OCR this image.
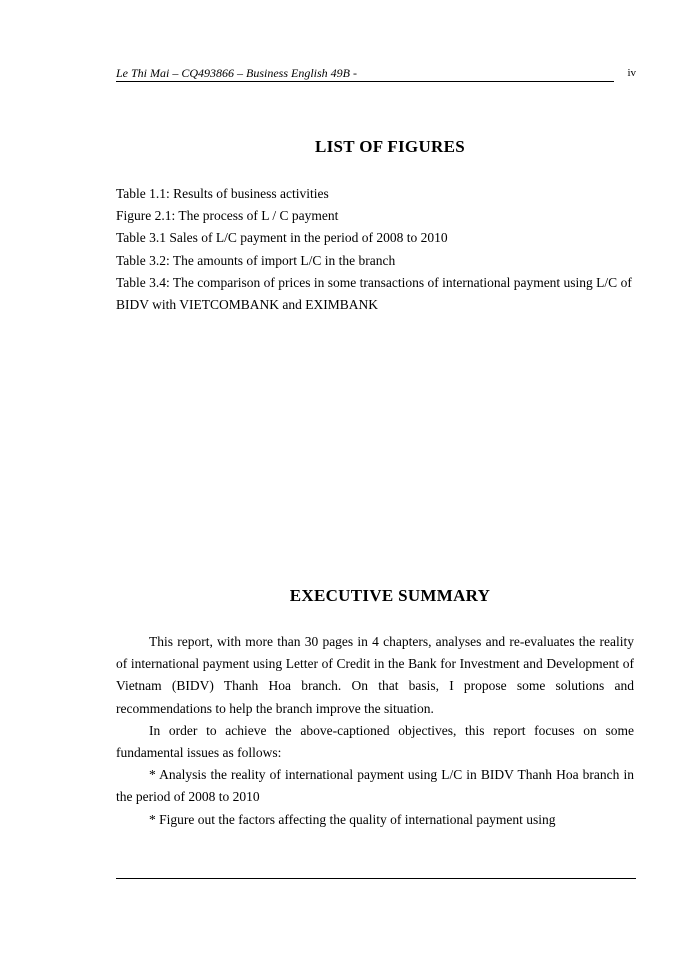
Le Thi Mai – CQ493866 – Business English 49B -	iv
LIST OF FIGURES
Table 1.1: Results of business activities
Figure 2.1: The process of L / C payment
Table 3.1 Sales of L/C payment in the period of 2008 to 2010
Table 3.2: The amounts of import L/C in the branch
Table 3.4: The comparison of prices in some transactions of international payment using L/C of BIDV with VIETCOMBANK and EXIMBANK
EXECUTIVE SUMMARY

This report, with more than 30 pages in 4 chapters, analyses and re-evaluates the reality of international payment using Letter of Credit in the Bank for Investment and Development of Vietnam (BIDV) Thanh Hoa branch. On that basis, I propose some solutions and recommendations to help the branch improve the situation.

In order to achieve the above-captioned objectives, this report focuses on some fundamental issues as follows:

* Analysis the reality of international payment using L/C in BIDV Thanh Hoa branch in the period of 2008 to 2010

* Figure out the factors affecting the quality of international payment using
